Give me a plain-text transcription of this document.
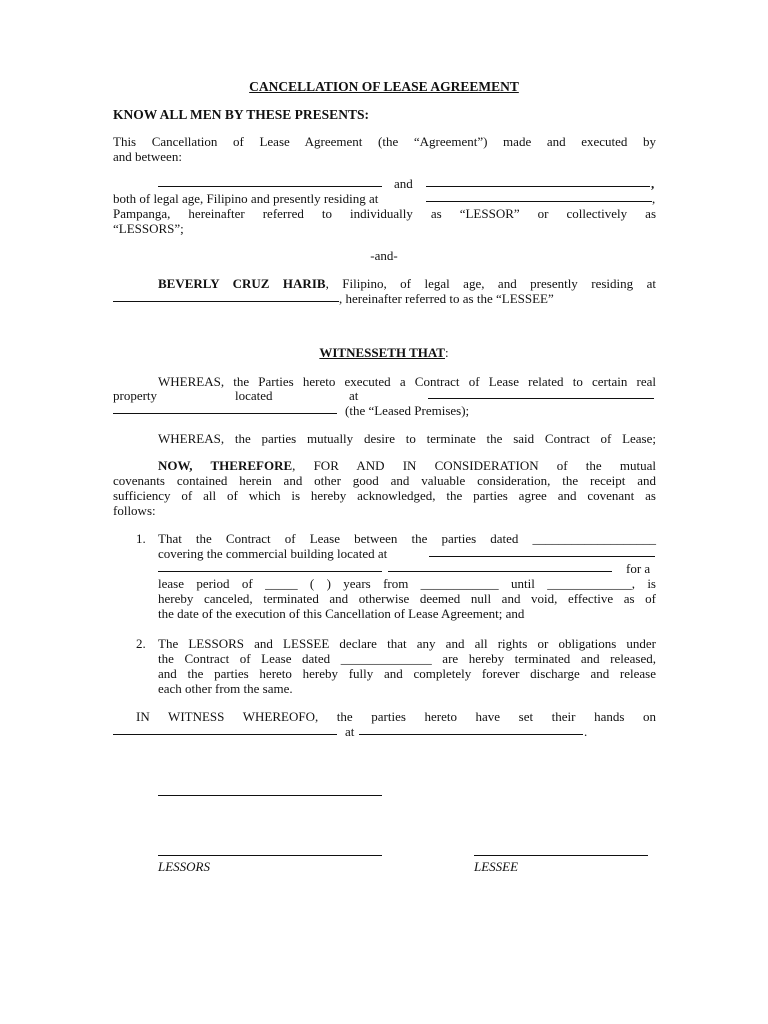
CANCELLATION OF LEASE AGREEMENT
KNOW ALL MEN BY THESE PRESENTS:
This Cancellation of Lease Agreement (the “Agreement”) made and executed by
and between:
and	,
both of legal age, Filipino and presently residing at	,
Pampanga, hereinafter referred to individually as “LESSOR” or collectively as
“LESSORS”;
-and-
BEVERLY CRUZ HARIB, Filipino, of legal age, and presently residing at
, hereinafter referred to as the “LESSEE”
WITNESSETH THAT:
WHEREAS, the Parties hereto executed a Contract of Lease related to certain real
property	located	at
(the “Leased Premises);
WHEREAS, the parties mutually desire to terminate the said Contract of Lease;
NOW, THEREFORE, FOR AND IN CONSIDERATION of the mutual
covenants contained herein and other good and valuable consideration, the receipt and
sufficiency of all of which is hereby acknowledged, the parties agree and covenant as
follows:
1. That the Contract of Lease between the parties dated ___________________
covering the commercial building located at
for a
lease period of _____ ( ) years from ____________ until _____________, is
hereby canceled, terminated and otherwise deemed null and void, effective as of
the date of the execution of this Cancellation of Lease Agreement; and
2. The LESSORS and LESSEE declare that any and all rights or obligations under
the Contract of Lease dated ______________ are hereby terminated and released,
and the parties hereto hereby fully and completely forever discharge and release
each other from the same.
IN WITNESS WHEREOFO, the parties hereto have set their hands on
at	.
LESSORS	LESSEE
